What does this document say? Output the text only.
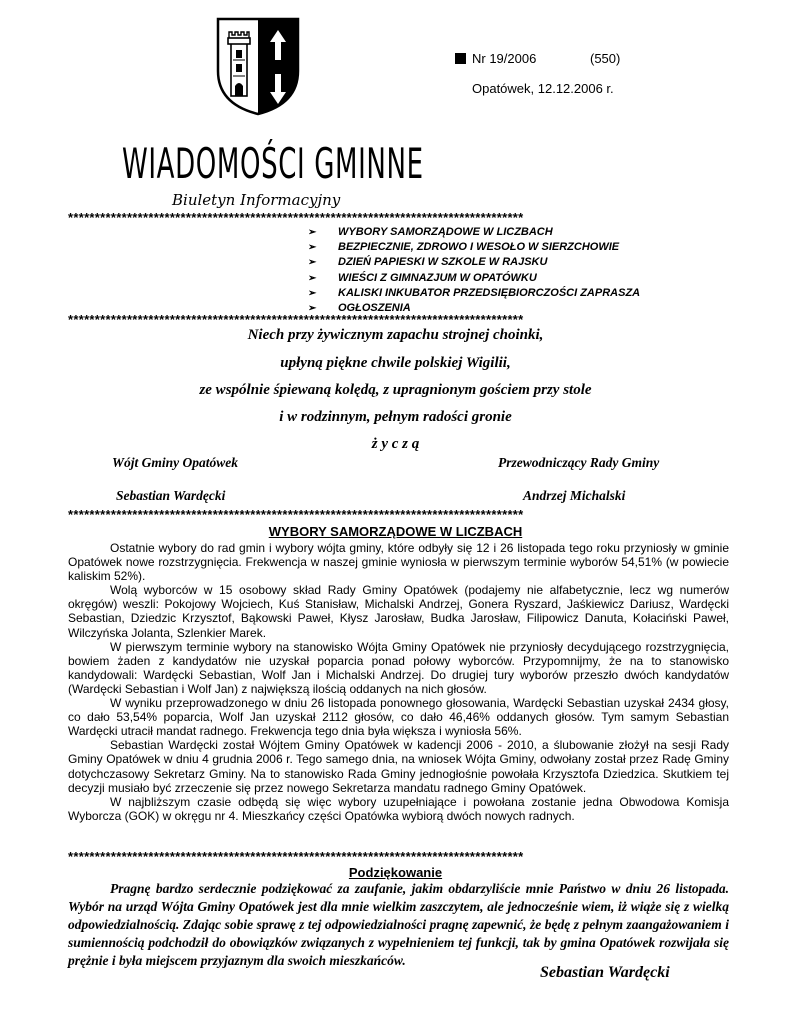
Nr 19/2006	(550)
Opatówek, 12.12.2006 r.
WIADOMOŚCI GMINNE
Biuletyn Informacyjny
*************************************************************************************
➢ WYBORY SAMORZĄDOWE W LICZBACH
➢ BEZPIECZNIE, ZDROWO I WESOŁO W SIERZCHOWIE
➢ DZIEŃ PAPIESKI W SZKOLE W RAJSKU
➢ WIEŚCI Z GIMNAZJUM W OPATÓWKU
➢ KALISKI INKUBATOR PRZEDSIĘBIORCZOŚCI ZAPRASZA
➢ OGŁOSZENIA
*************************************************************************************
Niech przy żywicznym zapachu strojnej choinki,
upłyną piękne chwile polskiej Wigilii,
ze wspólnie śpiewaną kolędą, z upragnionym gościem przy stole
i w rodzinnym, pełnym radości gronie
ż y c z ą
Wójt Gminy Opatówek	Przewodniczący Rady Gminy
Sebastian Wardęcki	Andrzej Michalski
*************************************************************************************
WYBORY SAMORZĄDOWE W LICZBACH

Ostatnie wybory do rad gmin i wybory wójta gminy, które odbyły się 12 i 26 listopada tego roku przyniosły w gminie Opatówek nowe rozstrzygnięcia. Frekwencja w naszej gminie wyniosła w pierwszym terminie wyborów 54,51% (w powiecie kaliskim 52%).

Wolą wyborców w 15 osobowy skład Rady Gminy Opatówek (podajemy nie alfabetycznie, lecz wg numerów okręgów) weszli: Pokojowy Wojciech, Kuś Stanisław, Michalski Andrzej, Gonera Ryszard, Jaśkiewicz Dariusz, Wardęcki Sebastian, Dziedzic Krzysztof, Bąkowski Paweł, Kłysz Jarosław, Budka Jarosław, Filipowicz Danuta, Kołaciński Paweł, Wilczyńska Jolanta, Szlenkier Marek.

W pierwszym terminie wybory na stanowisko Wójta Gminy Opatówek nie przyniosły decydującego rozstrzygnięcia, bowiem żaden z kandydatów nie uzyskał poparcia ponad połowy wyborców. Przypomnijmy, że na to stanowisko kandydowali: Wardęcki Sebastian, Wolf Jan i Michalski Andrzej. Do drugiej tury wyborów przeszło dwóch kandydatów (Wardęcki Sebastian i Wolf Jan) z największą ilością oddanych na nich głosów.

W wyniku przeprowadzonego w dniu 26 listopada ponownego głosowania, Wardęcki Sebastian uzyskał 2434 głosy, co dało 53,54% poparcia, Wolf Jan uzyskał 2112 głosów, co dało 46,46% oddanych głosów. Tym samym Sebastian Wardęcki utracił mandat radnego. Frekwencja tego dnia była większa i wyniosła 56%.

Sebastian Wardęcki został Wójtem Gminy Opatówek w kadencji 2006 - 2010, a ślubowanie złożył na sesji Rady Gminy Opatówek w dniu 4 grudnia 2006 r. Tego samego dnia, na wniosek Wójta Gminy, odwołany został przez Radę Gminy dotychczasowy Sekretarz Gminy. Na to stanowisko Rada Gminy jednogłośnie powołała Krzysztofa Dziedzica. Skutkiem tej decyzji musiało być zrzeczenie się przez nowego Sekretarza mandatu radnego Gminy Opatówek.

W najbliższym czasie odbędą się więc wybory uzupełniające i powołana zostanie jedna Obwodowa Komisja Wyborcza (GOK) w okręgu nr 4. Mieszkańcy części Opatówka wybiorą dwóch nowych radnych.

*************************************************************************************
Podziękowanie

Pragnę bardzo serdecznie podziękować za zaufanie, jakim obdarzyliście mnie Państwo w dniu 26 listopada. Wybór na urząd Wójta Gminy Opatówek jest dla mnie wielkim zaszczytem, ale jednocześnie wiem, iż wiąże się z wielką odpowiedzialnością. Zdając sobie sprawę z tej odpowiedzialności pragnę zapewnić, że będę z pełnym zaangażowaniem i sumiennością podchodził do obowiązków związanych z wypełnieniem tej funkcji, tak by gmina Opatówek rozwijała się prężnie i była miejscem przyjaznym dla swoich mieszkańców.

Sebastian Wardęcki
